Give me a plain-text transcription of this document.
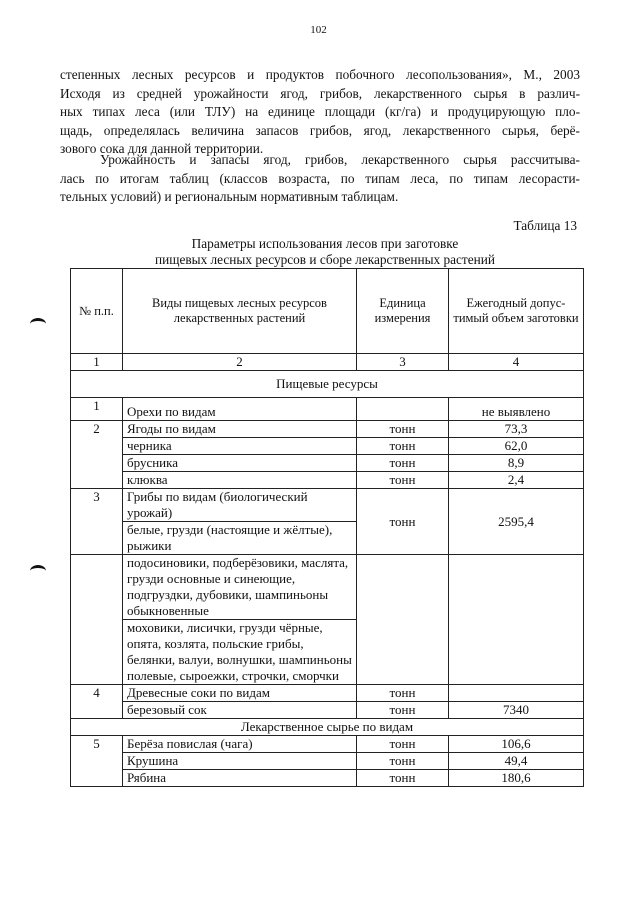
102

степенных лесных ресурсов и продуктов побочного лесопользования», М., 2003
Исходя из средней урожайности ягод, грибов, лекарственного сырья в различ-
ных типах леса (или ТЛУ) на единице площади (кг/га) и продуцирующую пло-
щадь, определялась величина запасов грибов, ягод, лекарственного сырья, берё-
зового сока для данной территории.

Урожайность и запасы ягод, грибов, лекарственного сырья рассчитыва-
лась по итогам таблиц (классов возраста, по типам леса, по типам лесорасти-
тельных условий) и региональным нормативным таблицам.

Таблица 13
Параметры использования лесов при заготовке
пищевых лесных ресурсов и сборе лекарственных растений
№ п.п.	Виды пищевых лесных ресурсов лекарственных растений	Единица измерения	Ежегодный допус- тимый объем заготовки
1	2	3	4
Пищевые ресурсы			
1	Орехи по видам		не выявлено
2	Ягоды по видам	тонн	73,3
	черника	тонн	62,0
	брусника	тонн	8,9
	клюква	тонн	2,4
3	Грибы по видам (биологический урожай)	тонн	2595,4
	белые, грузди (настоящие и жёлтые), рыжики		
	подосиновики, подберёзовики, маслята, грузди основные и синеющие, подгруздки, дубовики, шампиньоны обыкновенные		
	моховики, лисички, грузди чёрные, опята, козлята, польские грибы, белянки, валуи, волнушки, шампиньоны полевые, сыроежки, строчки, сморчки		
4	Древесные соки по видам	тонн	
	березовый сок	тонн	7340
Лекарственное сырье по видам			
5	Берёза повислая (чага)	тонн	106,6
	Крушина	тонн	49,4
	Рябина	тонн	180,6
